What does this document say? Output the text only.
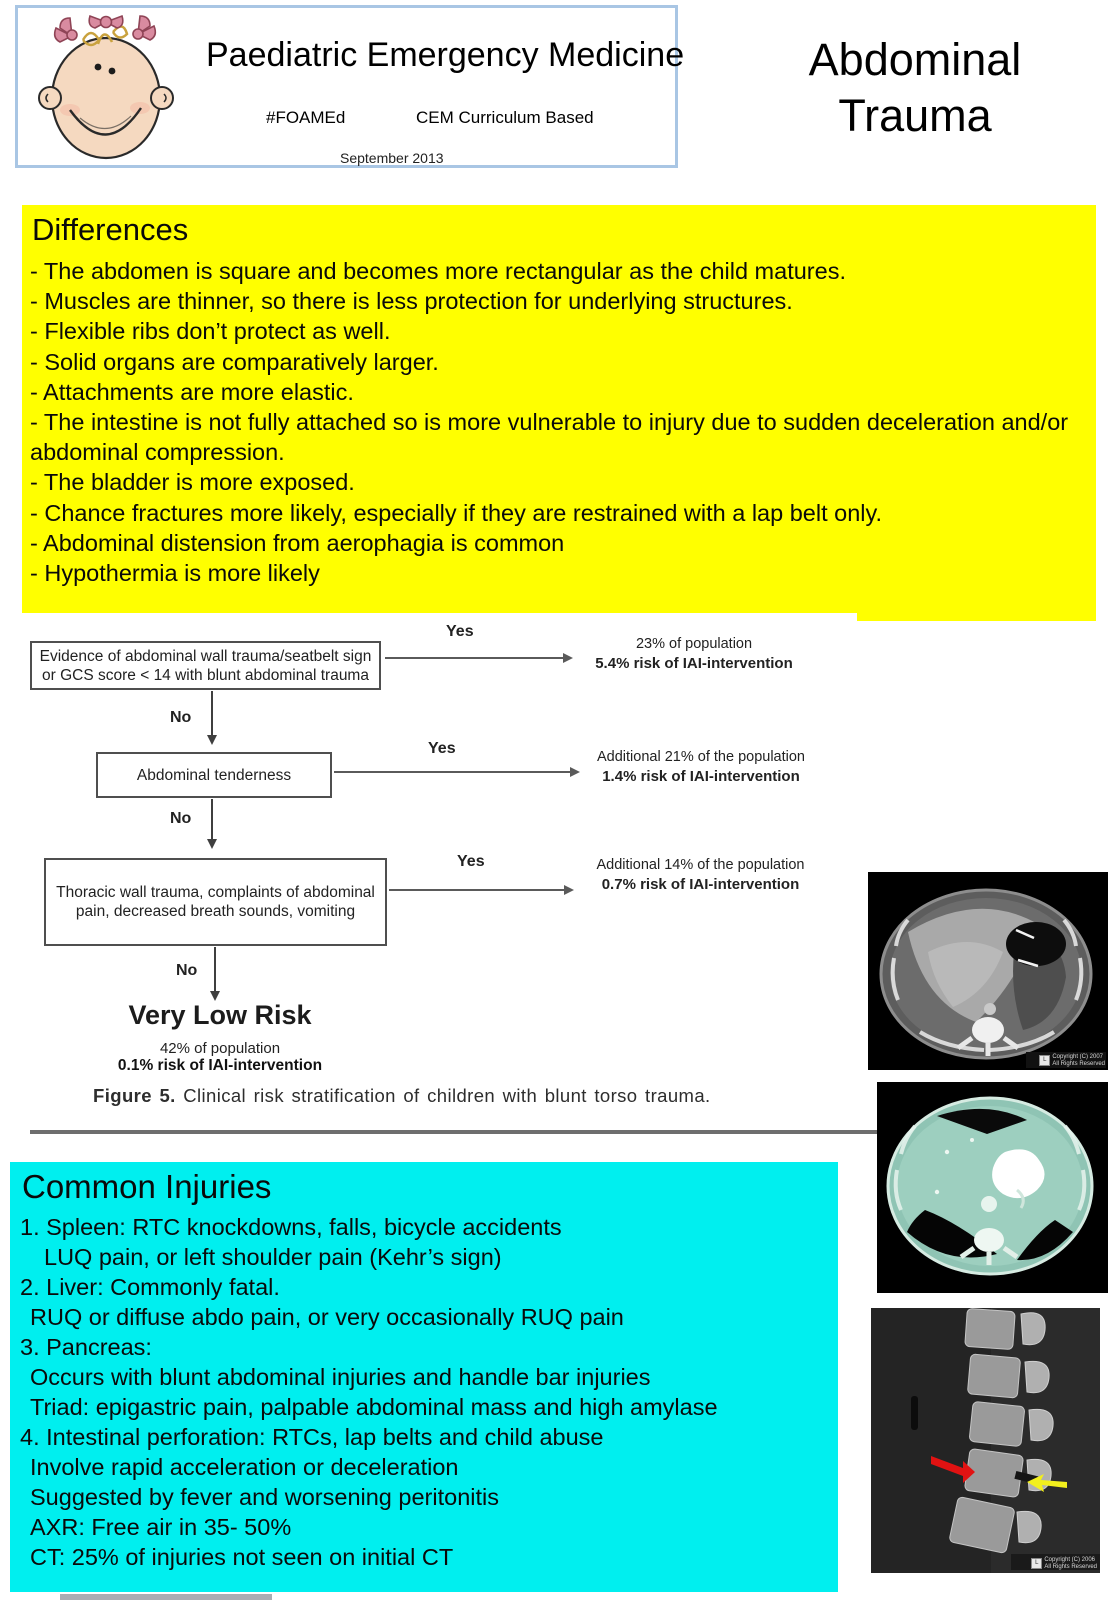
Paediatric Emergency Medicine
#FOAMEd	CEM Curriculum Based
September 2013
Abdominal
Trauma
Differences
- The abdomen is square and becomes more rectangular as the child matures.
- Muscles are thinner, so there is less protection for underlying structures.
- Flexible ribs don’t protect as well.
- Solid organs are comparatively larger.
- Attachments are more elastic.
- The intestine is not fully attached so is more vulnerable to injury due to sudden deceleration and/or abdominal compression.
- The bladder is more exposed.
- Chance fractures more likely, especially if they are restrained with a lap belt only.
- Abdominal distension from aerophagia is common
- Hypothermia is more likely
Evidence of abdominal wall trauma/seatbelt sign
or GCS score < 14 with blunt abdominal trauma
Yes
23% of population
5.4% risk of IAI-intervention
No
Abdominal tenderness
Yes	Additional 21% of the population
1.4% risk of IAI-intervention
No
Thoracic wall trauma, complaints of abdominal
pain, decreased breath sounds, vomiting
Yes	Additional 14% of the population
0.7% risk of IAI-intervention
No
Very Low Risk
42% of population
0.1% risk of IAI-intervention
Figure 5. Clinical risk stratification of children with blunt torso trauma.
L Copyright (C) 2007
All Rights Reserved
L Copyright (C) 2006
All Rights Reserved
Common Injuries
1. Spleen: RTC knockdowns, falls, bicycle accidents
LUQ pain, or left shoulder pain (Kehr’s sign)
2. Liver: Commonly fatal.
RUQ or diffuse abdo pain, or very occasionally RUQ pain
3. Pancreas:
Occurs with blunt abdominal injuries and handle bar injuries
Triad: epigastric pain, palpable abdominal mass and high amylase
4. Intestinal perforation: RTCs, lap belts and child abuse
Involve rapid acceleration or deceleration
Suggested by fever and worsening peritonitis
AXR: Free air in 35- 50%
CT: 25% of injuries not seen on initial CT
